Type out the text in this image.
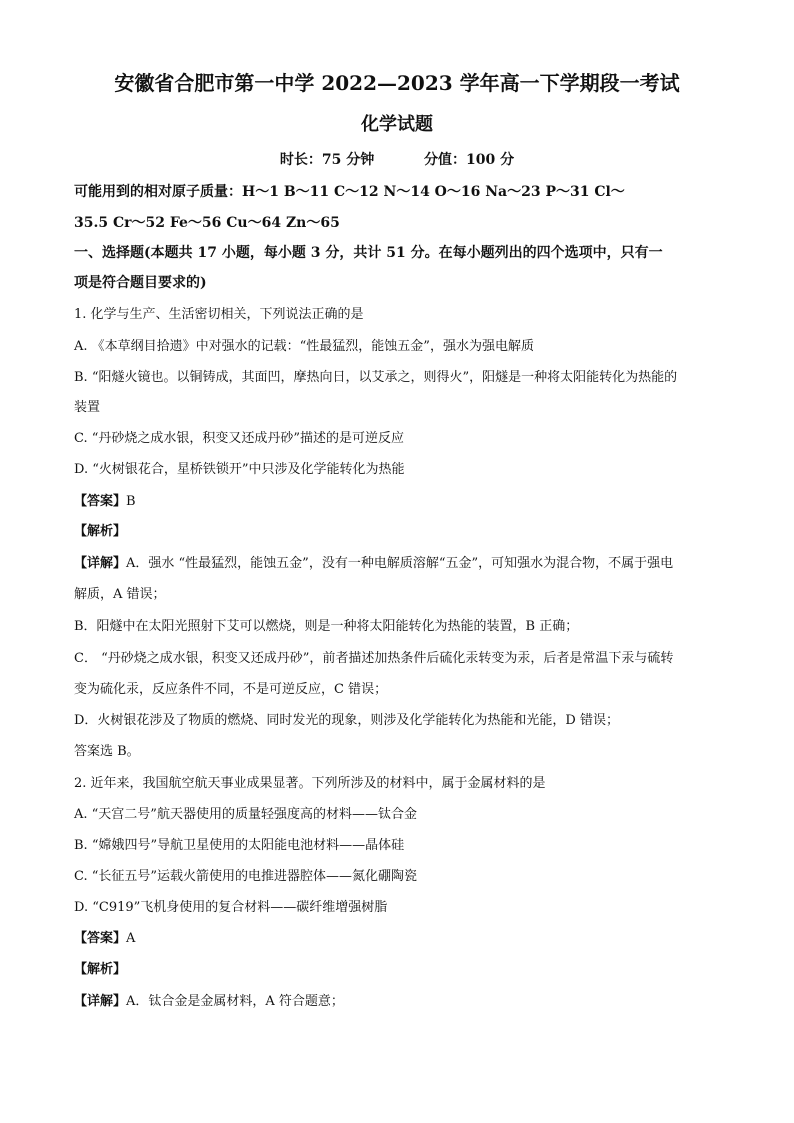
安徽省合肥市第一中学 2022—2023 学年高一下学期段一考试
化学试题
时长：75 分钟	分值：100 分
可能用到的相对原子质量：H～1 B～11 C～12 N～14 O～16 Na～23 P～31 Cl～
35.5 Cr～52 Fe～56 Cu～64 Zn～65
一、选择题(本题共 17 小题，每小题 3 分，共计 51 分。在每小题列出的四个选项中，只有一
项是符合题目要求的)
1. 化学与生产、生活密切相关，下列说法正确的是
A. 《本草纲目拾遗》中对强水的记载：“性最猛烈，能蚀五金”，强水为强电解质
B. “阳燧火镜也。以铜铸成，其面凹，摩热向日，以艾承之，则得火”，阳燧是一种将太阳能转化为热能的
装置
C. “丹砂烧之成水银，积变又还成丹砂”描述的是可逆反应
D. “火树银花合，星桥铁锁开”中只涉及化学能转化为热能
【答案】B
【解析】
【详解】A．强水 “性最猛烈，能蚀五金”，没有一种电解质溶解“五金”，可知强水为混合物，不属于强电
解质，A 错误；
B．阳燧中在太阳光照射下艾可以燃烧，则是一种将太阳能转化为热能的装置，B 正确；
C． “丹砂烧之成水银，积变又还成丹砂”，前者描述加热条件后硫化汞转变为汞，后者是常温下汞与硫转
变为硫化汞，反应条件不同，不是可逆反应，C 错误；
D．火树银花涉及了物质的燃烧、同时发光的现象，则涉及化学能转化为热能和光能，D 错误；
答案选 B。
2. 近年来，我国航空航天事业成果显著。下列所涉及的材料中，属于金属材料的是
A. “天宫二号”航天器使用的质量轻强度高的材料——钛合金
B. “嫦娥四号”导航卫星使用的太阳能电池材料——晶体硅
C. “长征五号”运载火箭使用的电推进器腔体——氮化硼陶瓷
D. “C919”飞机身使用的复合材料——碳纤维增强树脂
【答案】A
【解析】
【详解】A．钛合金是金属材料，A 符合题意；
